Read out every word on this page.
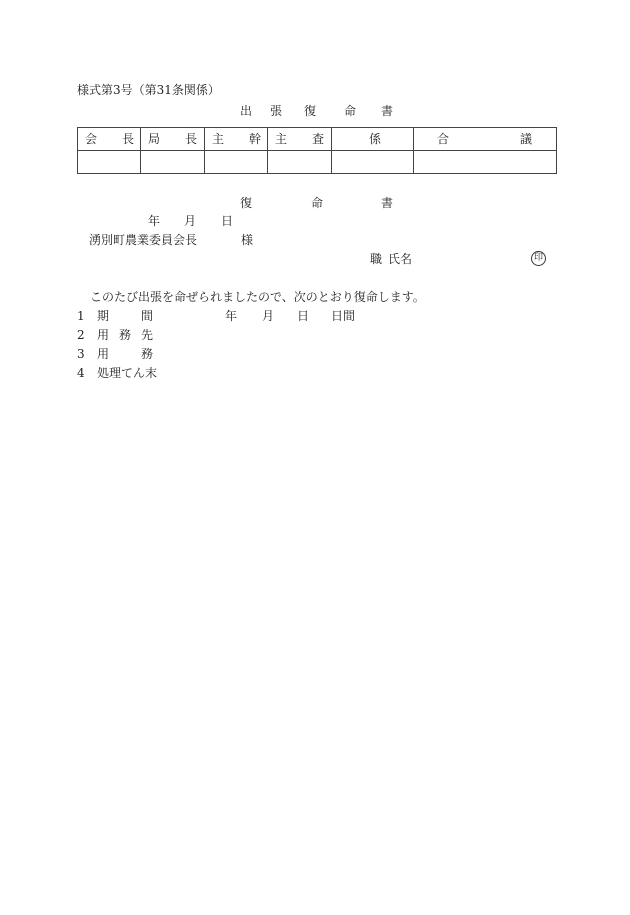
様式第3号（第31条関係）
出 張 復 命 書
会 長	局 長	主 幹	主 査	係	合 議

復	命	書
年 月 日
湧別町農業委員会長	様
職 氏名	印
このたび出張を命ぜられましたので、次のとおり復命します。
1 期	間	年 月 日 日間
2 用 務 先
3 用	務
4 処理てん末
